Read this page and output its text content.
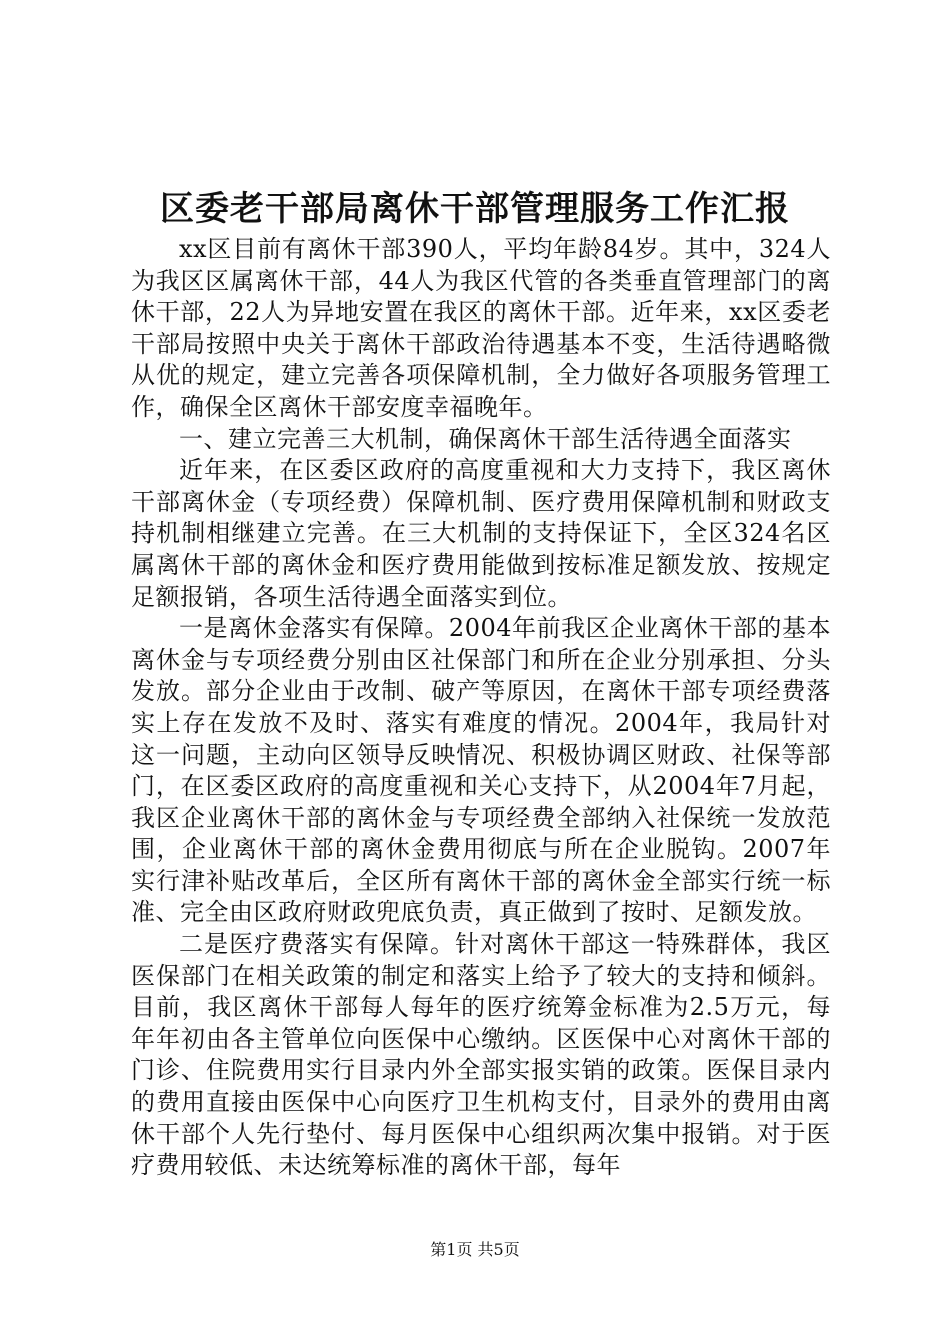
区委老干部局离休干部管理服务工作汇报

xx区目前有离休干部390人，平均年龄84岁。其中，324人为我区区属离休干部，44人为我区代管的各类垂直管理部门的离休干部，22人为异地安置在我区的离休干部。近年来，xx区委老干部局按照中央关于离休干部政治待遇基本不变，生活待遇略微从优的规定，建立完善各项保障机制，全力做好各项服务管理工作，确保全区离休干部安度幸福晚年。

一、建立完善三大机制，确保离休干部生活待遇全面落实

近年来，在区委区政府的高度重视和大力支持下，我区离休干部离休金（专项经费）保障机制、医疗费用保障机制和财政支持机制相继建立完善。在三大机制的支持保证下，全区324名区属离休干部的离休金和医疗费用能做到按标准足额发放、按规定足额报销，各项生活待遇全面落实到位。

一是离休金落实有保障。2004年前我区企业离休干部的基本离休金与专项经费分别由区社保部门和所在企业分别承担、分头发放。部分企业由于改制、破产等原因，在离休干部专项经费落实上存在发放不及时、落实有难度的情况。2004年，我局针对这一问题，主动向区领导反映情况、积极协调区财政、社保等部门，在区委区政府的高度重视和关心支持下，从2004年7月起，我区企业离休干部的离休金与专项经费全部纳入社保统一发放范围，企业离休干部的离休金费用彻底与所在企业脱钩。2007年实行津补贴改革后，全区所有离休干部的离休金全部实行统一标准、完全由区政府财政兜底负责，真正做到了按时、足额发放。

二是医疗费落实有保障。针对离休干部这一特殊群体，我区医保部门在相关政策的制定和落实上给予了较大的支持和倾斜。目前，我区离休干部每人每年的医疗统筹金标准为2.5万元，每年年初由各主管单位向医保中心缴纳。区医保中心对离休干部的门诊、住院费用实行目录内外全部实报实销的政策。医保目录内的费用直接由医保中心向医疗卫生机构支付，目录外的费用由离休干部个人先行垫付、每月医保中心组织两次集中报销。对于医疗费用较低、未达统筹标准的离休干部，每年

第1页 共5页
